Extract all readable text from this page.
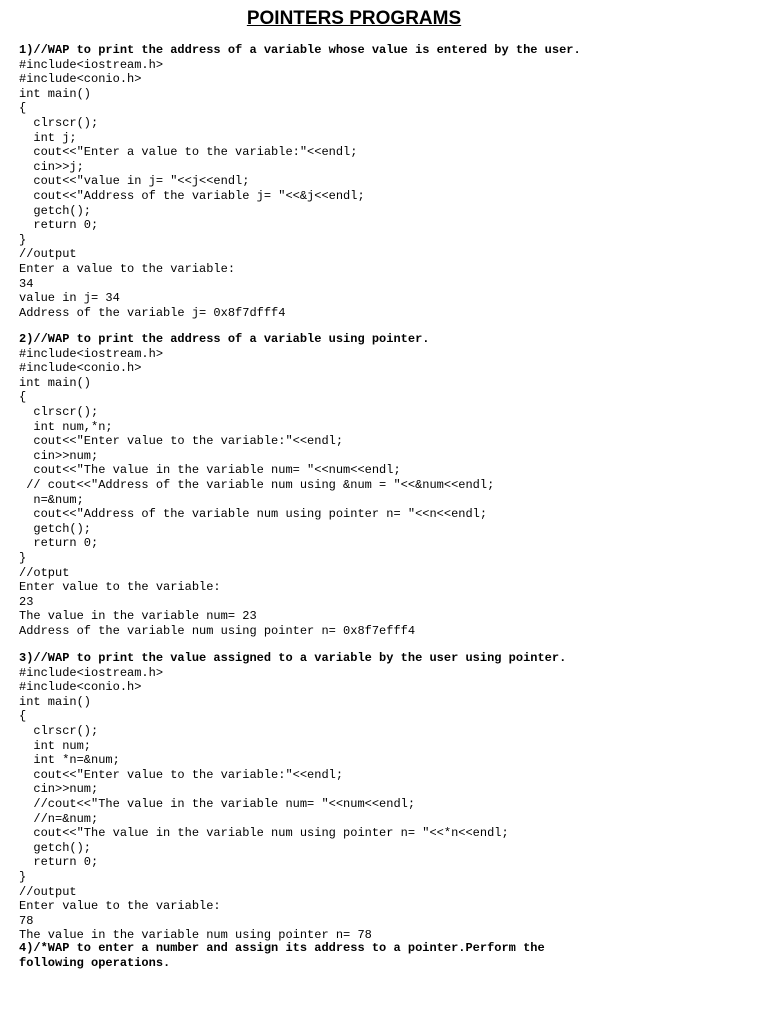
POINTERS PROGRAMS
1)//WAP to print the address of a variable whose value is entered by the user.
#include<iostream.h>
#include<conio.h>
int main()
{
clrscr();
int j;
cout<<"Enter a value to the variable:"<<endl;
cin>>j;
cout<<"value in j= "<<j<<endl;
cout<<"Address of the variable j= "<<&j<<endl;
getch();
return 0;
}
//output
Enter a value to the variable:
34
value in j= 34
Address of the variable j= 0x8f7dfff4
2)//WAP to print the address of a variable using pointer.
#include<iostream.h>
#include<conio.h>
int main()
{
clrscr();
int num,*n;
cout<<"Enter value to the variable:"<<endl;
cin>>num;
cout<<"The value in the variable num= "<<num<<endl;
// cout<<"Address of the variable num using &num = "<<&num<<endl;
n=&num;
cout<<"Address of the variable num using pointer n= "<<n<<endl;
getch();
return 0;
}
//otput
Enter value to the variable:
23
The value in the variable num= 23
Address of the variable num using pointer n= 0x8f7efff4
3)//WAP to print the value assigned to a variable by the user using pointer.
#include<iostream.h>
#include<conio.h>
int main()
{
clrscr();
int num;
int *n=&num;
cout<<"Enter value to the variable:"<<endl;
cin>>num;
//cout<<"The value in the variable num= "<<num<<endl;
//n=&num;
cout<<"The value in the variable num using pointer n= "<<*n<<endl;
getch();
return 0;
}
//output
Enter value to the variable:
78
The value in the variable num using pointer n= 78
4)/*WAP to enter a number and assign its address to a pointer.Perform the
following operations.
